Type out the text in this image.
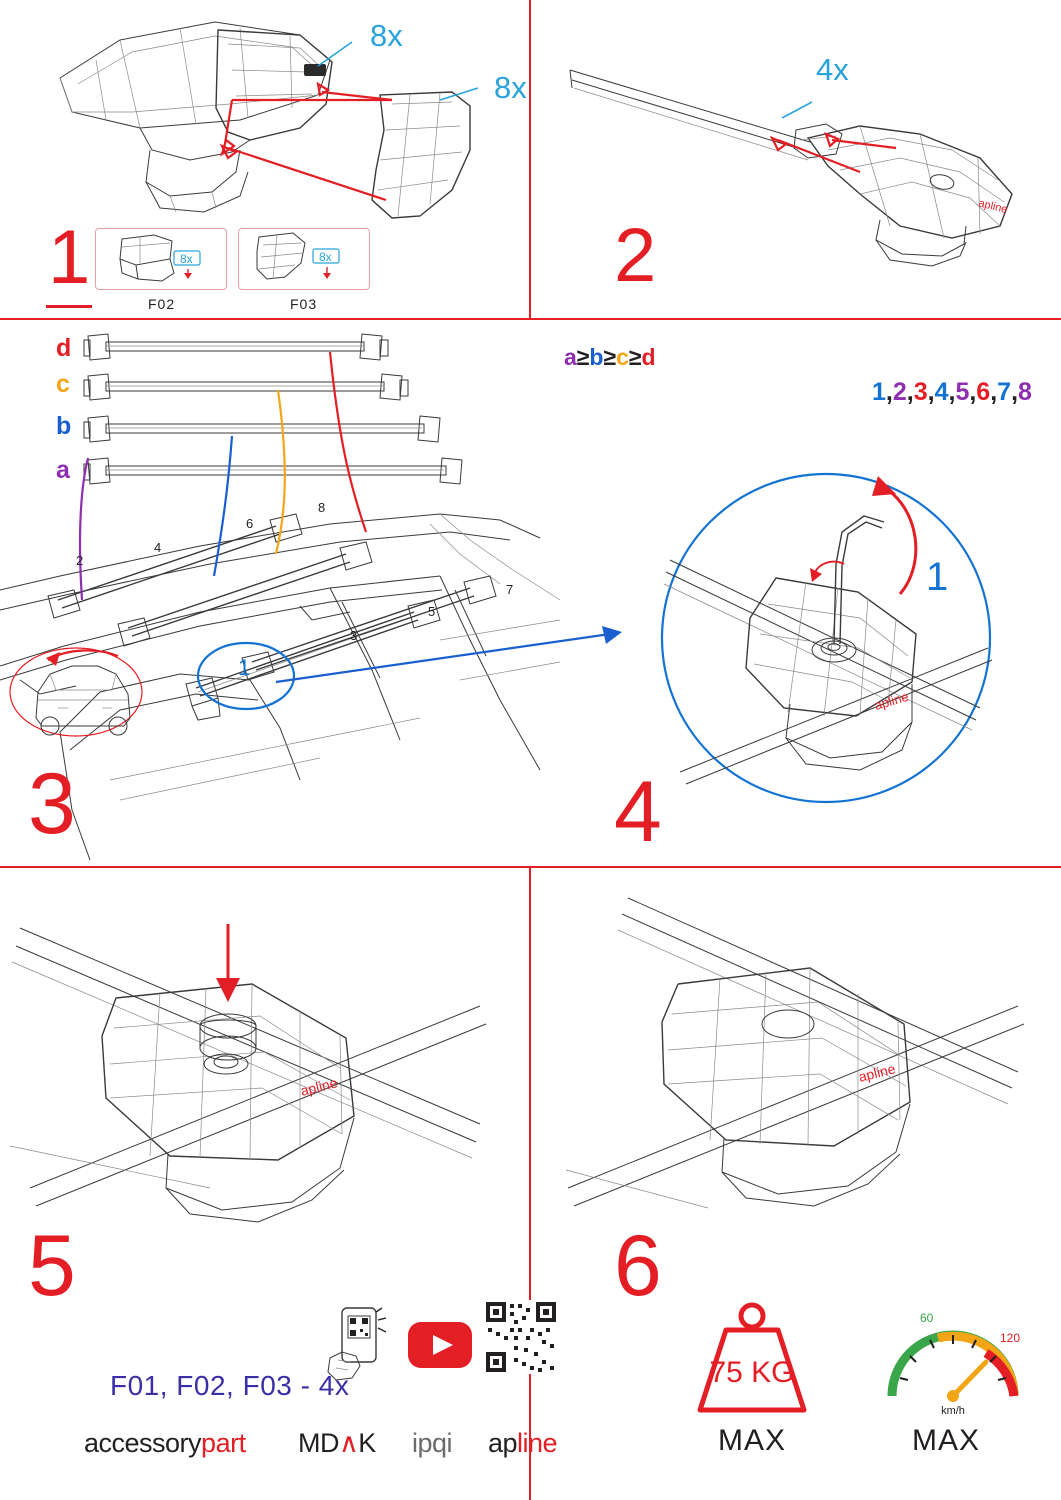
8x
8x
8x	8x
F02	F03
1
apline
4x
2
d
c
b
a
a≥b≥c≥d
2
4
6
8
3
5
7
1
3
1,2,3,4,5,6,7,8
apline
1
4
apline
5
F01, F02, F03 - 4x
accessorypart MD∧K ipqi apline
apline
6
75 KG
MAX
60
120
km/h
MAX
